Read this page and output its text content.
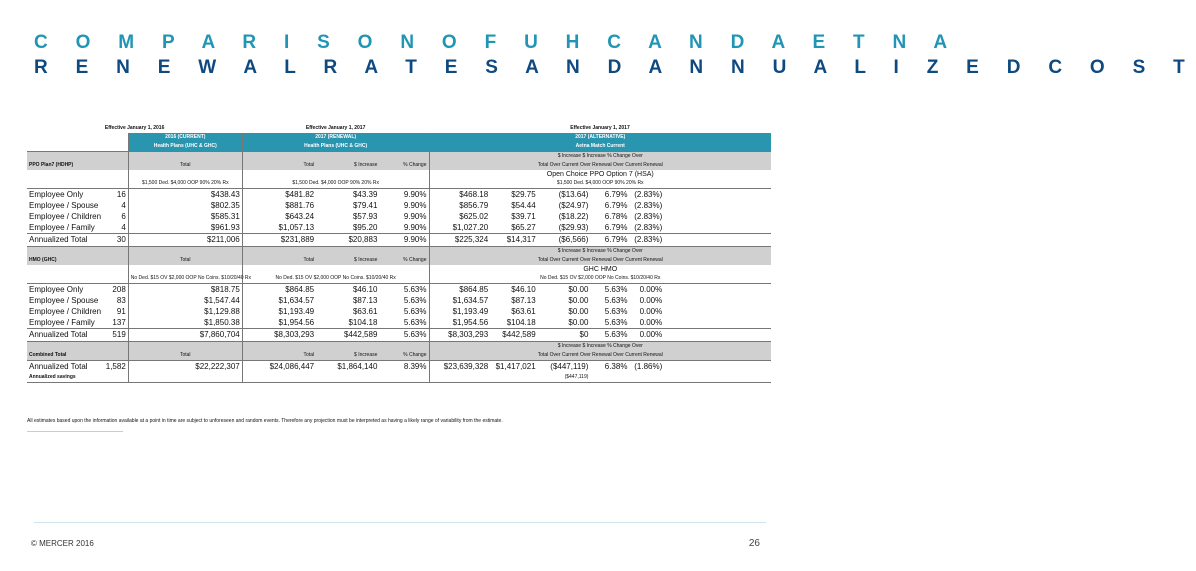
C O M P A R I S O N O F U H C A N D A E T N A
R E N E W A L R A T E S A N D A N N U A L I Z E D C O S T
Effective January 1, 2016			Effective January 1, 2017			Effective January 1, 2017					
		2016 (CURRENT)	2017 (RENEWAL)			2017 (ALTERNATIVE)					
		Health Plans (UHC & GHC)	Health Plans (UHC & GHC)			Aetna Match Current					
						$ Increase $ Increase % Change Over					
PPO Plan7 (HDHP)		Total	Total	$ Increase	% Change	Total Over Current Over Renewal Over Current Renewal					
						Open Choice PPO Option 7 (HSA)					
		$1,500 Ded. $4,000 OOP 90% 20% Rx	$1,500 Ded. $4,000 OOP 90% 20% Rx			$1,500 Ded. $4,000 OOP 90% 20% Rx					
Employee Only	16	$438.43	$481.82	$43.39	9.90%	$468.18	$29.75	($13.64)	6.79%	(2.83%)	
Employee / Spouse	4	$802.35	$881.76	$79.41	9.90%	$856.79	$54.44	($24.97)	6.79%	(2.83%)	
Employee / Children	6	$585.31	$643.24	$57.93	9.90%	$625.02	$39.71	($18.22)	6.78%	(2.83%)	
Employee / Family	4	$961.93	$1,057.13	$95.20	9.90%	$1,027.20	$65.27	($29.93)	6.79%	(2.83%)	
Annualized Total	30	$211,006	$231,889	$20,883	9.90%	$225,324	$14,317	($6,566)	6.79%	(2.83%)	
						$ Increase $ Increase % Change Over					
HMO (GHC)		Total	Total	$ Increase	% Change	Total Over Current Over Renewal Over Current Renewal					
						GHC HMO					
		No Ded. $15 OV $2,000 OOP No Coins. $10/20/40 Rx	No Ded. $15 OV $2,000 OOP No Coins. $10/20/40 Rx			No Ded. $15 OV $2,000 OOP No Coins. $10/20/40 Rx					
Employee Only	208	$818.75	$864.85	$46.10	5.63%	$864.85	$46.10	$0.00	5.63%	0.00%	
Employee / Spouse	83	$1,547.44	$1,634.57	$87.13	5.63%	$1,634.57	$87.13	$0.00	5.63%	0.00%	
Employee / Children	91	$1,129.88	$1,193.49	$63.61	5.63%	$1,193.49	$63.61	$0.00	5.63%	0.00%	
Employee / Family	137	$1,850.38	$1,954.56	$104.18	5.63%	$1,954.56	$104.18	$0.00	5.63%	0.00%	
Annualized Total	519	$7,860,704	$8,303,293	$442,589	5.63%	$8,303,293	$442,589	$0	5.63%	0.00%	
						$ Increase $ Increase % Change Over					
Combined Total		Total	Total	$ Increase	% Change	Total Over Current Over Renewal Over Current Renewal					
Annualized Total	1,582	$22,222,307	$24,086,447	$1,864,140	8.39%	$23,639,328	$1,417,021	($447,119)	6.38%	(1.86%)	
Annualized savings								($447,119)			

All estimates based upon the information available at a point in time are subject to unforeseen and random events. Therefore any projection must be interpreted as having a likely range of variability from the estimate.

© MERCER 2016	26
